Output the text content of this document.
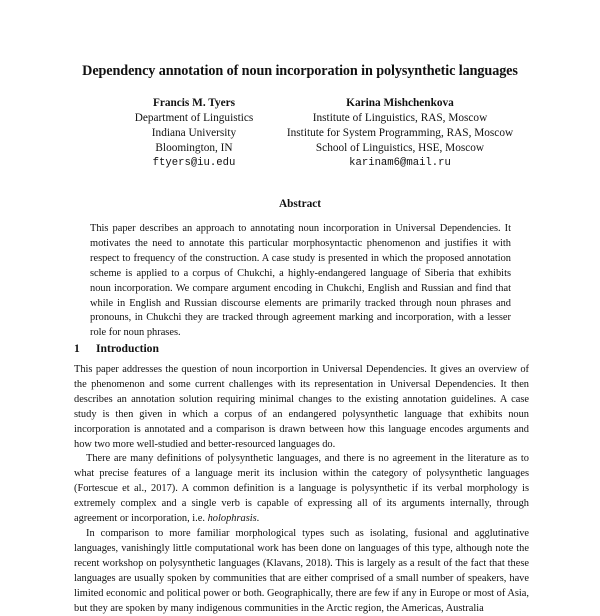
Dependency annotation of noun incorporation in polysynthetic languages
Francis M. Tyers
Department of Linguistics
Indiana University
Bloomington, IN
ftyers@iu.edu
Karina Mishchenkova
Institute of Linguistics, RAS, Moscow
Institute for System Programming, RAS, Moscow
School of Linguistics, HSE, Moscow
karinam6@mail.ru
Abstract
This paper describes an approach to annotating noun incorporation in Universal Dependencies. It motivates the need to annotate this particular morphosyntactic phenomenon and justifies it with respect to frequency of the construction. A case study is presented in which the proposed annotation scheme is applied to a corpus of Chukchi, a highly-endangered language of Siberia that exhibits noun incorporation. We compare argument encoding in Chukchi, English and Russian and find that while in English and Russian discourse elements are primarily tracked through noun phrases and pronouns, in Chukchi they are tracked through agreement marking and incorporation, with a lesser role for noun phrases.
1 Introduction

This paper addresses the question of noun incorportion in Universal Dependencies. It gives an overview of the phenomenon and some current challenges with its representation in Universal Dependencies. It then describes an annotation solution requiring minimal changes to the existing annotation guidelines. A case study is then given in which a corpus of an endangered polysynthetic language that exhibits noun incorporation is annotated and a comparison is drawn between how this language encodes arguments and how two more well-studied and better-resourced languages do.

There are many definitions of polysynthetic languages, and there is no agreement in the literature as to what precise features of a language merit its inclusion within the category of polysynthetic languages (Fortescue et al., 2017). A common definition is a language is polysynthetic if its verbal morphology is extremely complex and a single verb is capable of expressing all of its arguments internally, through agreement or incorporation, i.e. holophrasis.

In comparison to more familiar morphological types such as isolating, fusional and agglutinative languages, vanishingly little computational work has been done on languages of this type, although note the recent workshop on polysynthetic languages (Klavans, 2018). This is largely as a result of the fact that these languages are usually spoken by communities that are either comprised of a small number of speakers, have limited economic and political power or both. Geographically, there are few if any in Europe or most of Asia, but they are spoken by many indigenous communities in the Arctic region, the Americas, Australia
